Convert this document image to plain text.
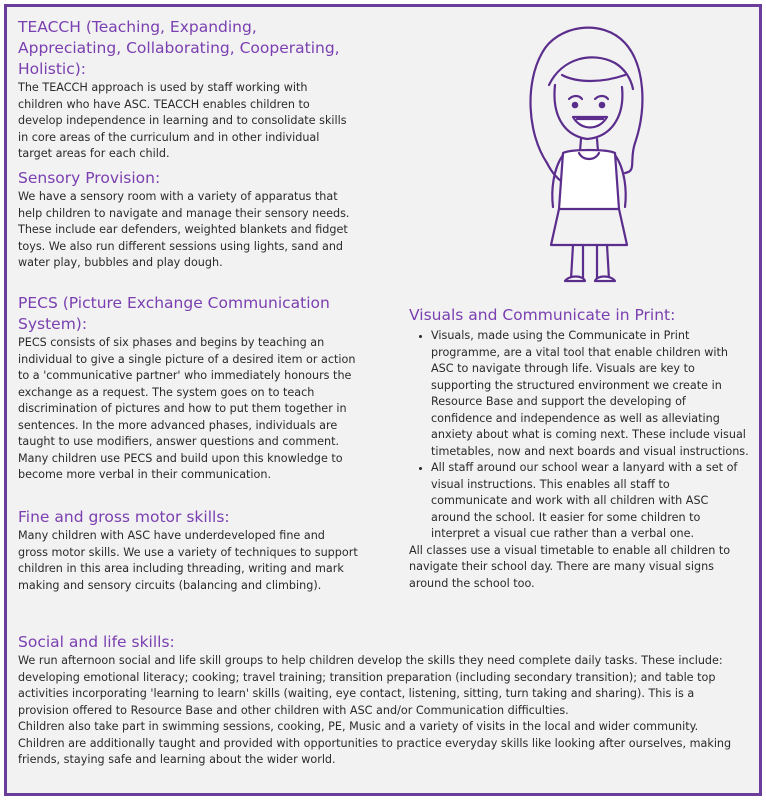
TEACCH (Teaching, Expanding, Appreciating, Collaborating, Cooperating, Holistic):

The TEACCH approach is used by staff working with children who have ASC. TEACCH enables children to develop independence in learning and to consolidate skills in core areas of the curriculum and in other individual target areas for each child.

Sensory Provision:

We have a sensory room with a variety of apparatus that help children to navigate and manage their sensory needs. These include ear defenders, weighted blankets and fidget toys. We also run different sessions using lights, sand and water play, bubbles and play dough.

PECS (Picture Exchange Communication System):

PECS consists of six phases and begins by teaching an individual to give a single picture of a desired item or action to a 'communicative partner' who immediately honours the exchange as a request. The system goes on to teach discrimination of pictures and how to put them together in sentences. In the more advanced phases, individuals are taught to use modifiers, answer questions and comment. Many children use PECS and build upon this knowledge to become more verbal in their communication.

Fine and gross motor skills:

Many children with ASC have underdeveloped fine and gross motor skills. We use a variety of techniques to support children in this area including threading, writing and mark making and sensory circuits (balancing and climbing).

Visuals and Communicate in Print:
• Visuals, made using the Communicate in Print programme, are a vital tool that enable children with ASC to navigate through life. Visuals are key to supporting the structured environment we create in Resource Base and support the developing of confidence and independence as well as alleviating anxiety about what is coming next. These include visual timetables, now and next boards and visual instructions.
• All staff around our school wear a lanyard with a set of visual instructions. This enables all staff to communicate and work with all children with ASC around the school. It easier for some children to interpret a visual cue rather than a verbal one.

All classes use a visual timetable to enable all children to navigate their school day. There are many visual signs around the school too.

Social and life skills:

We run afternoon social and life skill groups to help children develop the skills they need complete daily tasks. These include: developing emotional literacy; cooking; travel training; transition preparation (including secondary transition); and table top activities incorporating 'learning to learn' skills (waiting, eye contact, listening, sitting, turn taking and sharing). This is a provision offered to Resource Base and other children with ASC and/or Communication difficulties.

Children also take part in swimming sessions, cooking, PE, Music and a variety of visits in the local and wider community. Children are additionally taught and provided with opportunities to practice everyday skills like looking after ourselves, making friends, staying safe and learning about the wider world.
